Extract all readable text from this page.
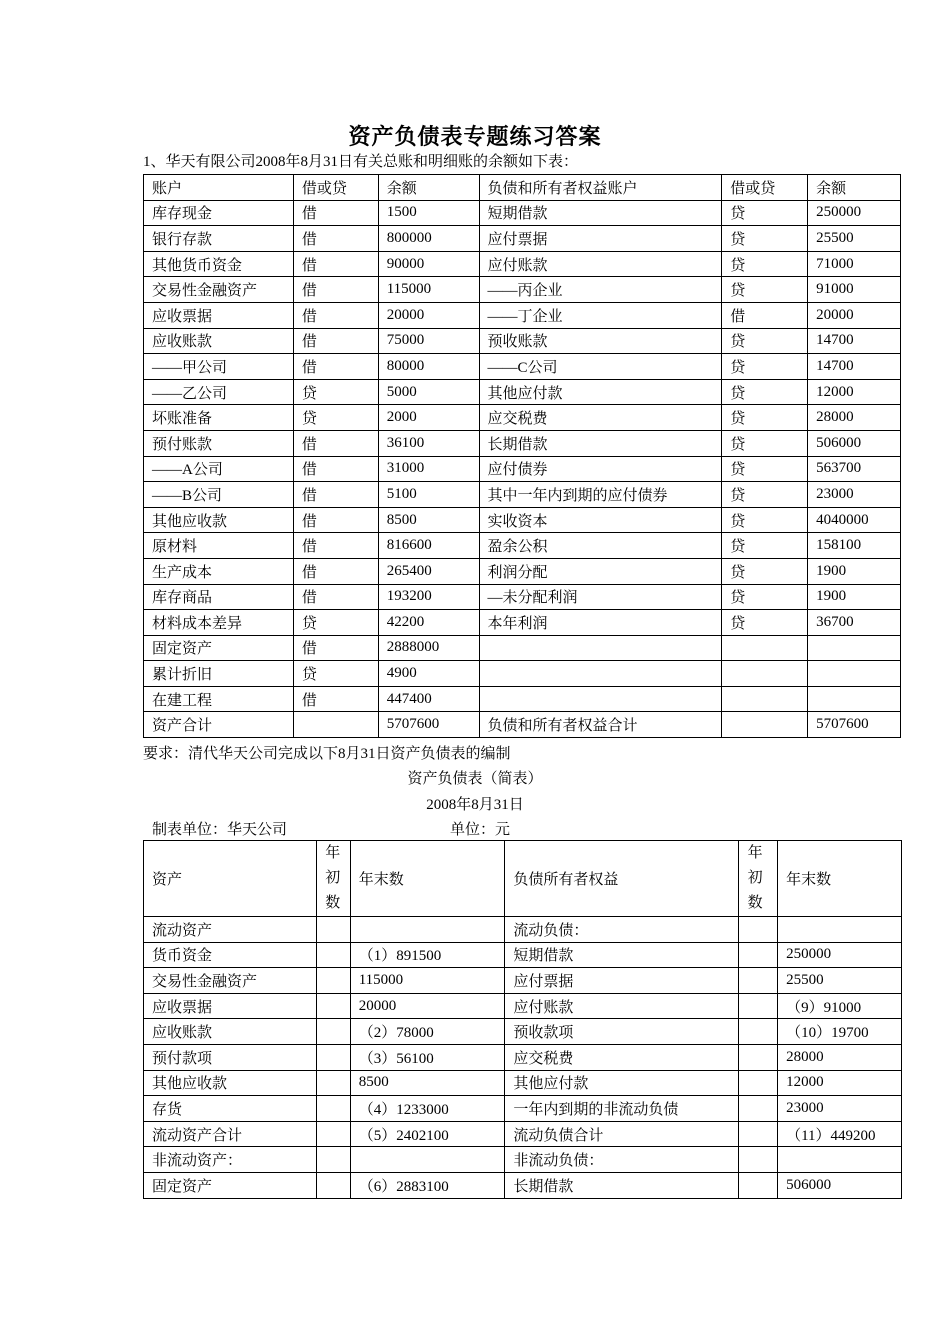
资产负债表专题练习答案
1、华天有限公司2008年8月31日有关总账和明细账的余额如下表：
账户	借或贷	余额	负债和所有者权益账户	借或贷	余额
库存现金	借	1500	短期借款	贷	250000
银行存款	借	800000	应付票据	贷	25500
其他货币资金	借	90000	应付账款	贷	71000
交易性金融资产	借	115000	——丙企业	贷	91000
应收票据	借	20000	——丁企业	借	20000
应收账款	借	75000	预收账款	贷	14700
——甲公司	借	80000	——C公司	贷	14700
——乙公司	贷	5000	其他应付款	贷	12000
坏账准备	贷	2000	应交税费	贷	28000
预付账款	借	36100	长期借款	贷	506000
——A公司	借	31000	应付债券	贷	563700
——B公司	借	5100	其中一年内到期的应付债券	贷	23000
其他应收款	借	8500	实收资本	贷	4040000
原材料	借	816600	盈余公积	贷	158100
生产成本	借	265400	利润分配	贷	1900
库存商品	借	193200	—未分配利润	贷	1900
材料成本差异	贷	42200	本年利润	贷	36700
固定资产	借	2888000			
累计折旧	贷	4900			
在建工程	借	447400			
资产合计		5707600	负债和所有者权益合计		5707600
要求：清代华天公司完成以下8月31日资产负债表的编制
资产负债表（简表）
2008年8月31日
制表单位：华天公司	单位：元
资产	年初数	年末数	负债所有者权益	年初数	年末数
流动资产			流动负债：		
货币资金		（1）891500	短期借款		250000
交易性金融资产		115000	应付票据		25500
应收票据		20000	应付账款		（9）91000
应收账款		（2）78000	预收款项		（10）19700
预付款项		（3）56100	应交税费		28000
其他应收款		8500	其他应付款		12000
存货		（4）1233000	一年内到期的非流动负债		23000
流动资产合计		（5）2402100	流动负债合计		（11）449200
非流动资产：			非流动负债：		
固定资产		（6）2883100	长期借款		506000
